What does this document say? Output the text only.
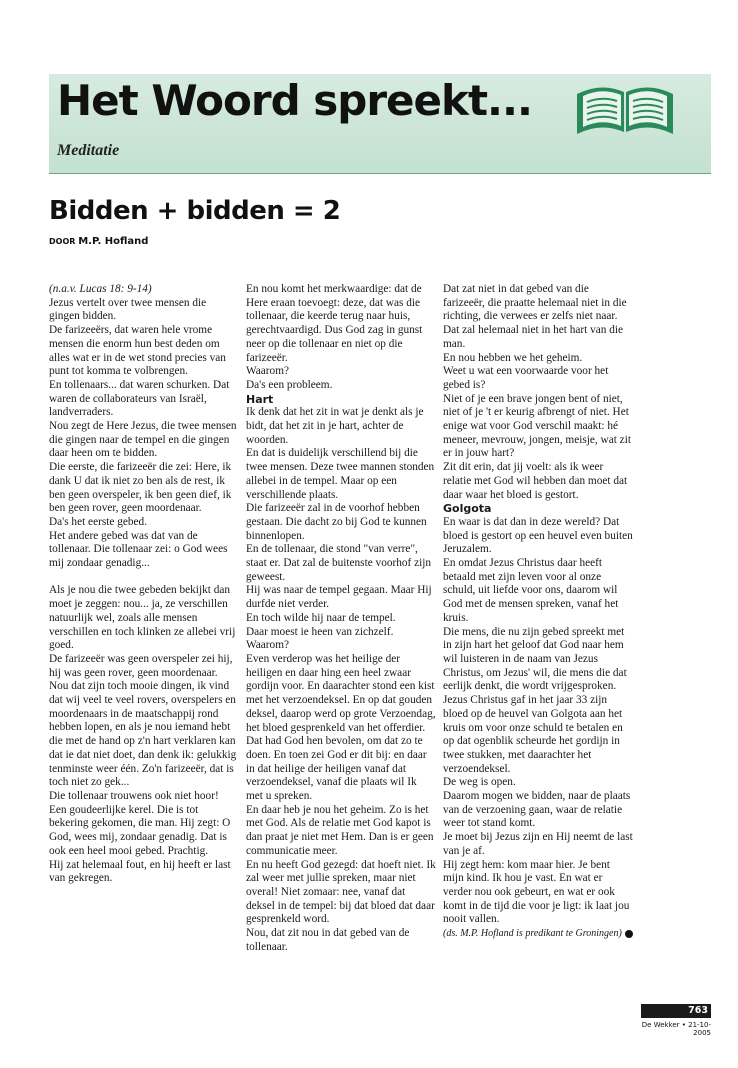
Het Woord spreekt...
Meditatie
Bidden + bidden = 2
DOOR M.P. Hofland

(n.a.v. Lucas 18: 9-14)

Jezus vertelt over twee mensen die gingen bidden.

De farizeeërs, dat waren hele vrome mensen die enorm hun best deden om alles wat er in de wet stond precies van punt tot komma te volbrengen.

En tollenaars... dat waren schurken. Dat waren de collaborateurs van Israël, landverraders.

Nou zegt de Here Jezus, die twee mensen die gingen naar de tempel en die gingen daar heen om te bidden.

Die eerste, die farizeeër die zei: Here, ik dank U dat ik niet zo ben als de rest, ik ben geen overspeler, ik ben geen dief, ik ben geen rover, geen moordenaar.

Da's het eerste gebed.

Het andere gebed was dat van de tollenaar. Die tollenaar zei: o God wees mij zondaar genadig...

Als je nou die twee gebeden bekijkt dan moet je zeggen: nou... ja, ze verschillen natuurlijk wel, zoals alle mensen verschillen en toch klinken ze allebei vrij goed.

De farizeeër was geen overspeler zei hij, hij was geen rover, geen moordenaar.

Nou dat zijn toch mooie dingen, ik vind dat wij veel te veel rovers, overspelers en moordenaars in de maatschappij rond hebben lopen, en als je nou iemand hebt die met de hand op z'n hart verklaren kan dat ie dat niet doet, dan denk ik: gelukkig tenminste weer één. Zo'n farizeeër, dat is toch niet zo gek...

Die tollenaar trouwens ook niet hoor! Een goudeerlijke kerel. Die is tot bekering gekomen, die man. Hij zegt: O God, wees mij, zondaar genadig. Dat is ook een heel mooi gebed. Prachtig.

Hij zat helemaal fout, en hij heeft er last van gekregen.

En nou komt het merkwaardige: dat de Here eraan toevoegt: deze, dat was die tollenaar, die keerde terug naar huis, gerechtvaardigd. Dus God zag in gunst neer op die tollenaar en niet op die farizeeër.

Waarom?

Da's een probleem.

Hart

Ik denk dat het zit in wat je denkt als je bidt, dat het zit in je hart, achter de woorden.

En dat is duidelijk verschillend bij die twee mensen. Deze twee mannen stonden allebei in de tempel. Maar op een verschillende plaats.

Die farizeeër zal in de voorhof hebben gestaan. Die dacht zo bij God te kunnen binnenlopen.

En de tollenaar, die stond "van verre", staat er. Dat zal de buitenste voorhof zijn geweest.

Hij was naar de tempel gegaan. Maar Hij durfde niet verder.

En toch wilde hij naar de tempel.

Daar moest ie heen van zichzelf.

Waarom?

Even verderop was het heilige der heiligen en daar hing een heel zwaar gordijn voor. En daarachter stond een kist met het verzoendeksel. En op dat gouden deksel, daarop werd op grote Verzoendag, het bloed gesprenkeld van het offerdier. Dat had God hen bevolen, om dat zo te doen. En toen zei God er dit bij: en daar in dat heilige der heiligen vanaf dat verzoendeksel, vanaf die plaats wil Ik met u spreken.

En daar heb je nou het geheim. Zo is het met God. Als de relatie met God kapot is dan praat je niet met Hem. Dan is er geen communicatie meer.

En nu heeft God gezegd: dat hoeft niet. Ik zal weer met jullie spreken, maar niet overal! Niet zomaar: nee, vanaf dat deksel in de tempel: bij dat bloed dat daar gesprenkeld word.

Nou, dat zit nou in dat gebed van de tollenaar.

Dat zat niet in dat gebed van die farizeeër, die praatte helemaal niet in die richting, die verwees er zelfs niet naar. Dat zal helemaal niet in het hart van die man.

En nou hebben we het geheim.

Weet u wat een voorwaarde voor het gebed is?

Niet of je een brave jongen bent of niet, niet of je 't er keurig afbrengt of niet. Het enige wat voor God verschil maakt: hé meneer, mevrouw, jongen, meisje, wat zit er in jouw hart?

Zit dit erin, dat jij voelt: als ik weer relatie met God wil hebben dan moet dat daar waar het bloed is gestort.

Golgota

En waar is dat dan in deze wereld? Dat bloed is gestort op een heuvel even buiten Jeruzalem.

En omdat Jezus Christus daar heeft betaald met zijn leven voor al onze schuld, uit liefde voor ons, daarom wil God met de mensen spreken, vanaf het kruis.

Die mens, die nu zijn gebed spreekt met in zijn hart het geloof dat God naar hem wil luisteren in de naam van Jezus Christus, om Jezus' wil, die mens die dat eerlijk denkt, die wordt vrijgesproken.

Jezus Christus gaf in het jaar 33 zijn bloed op de heuvel van Golgota aan het kruis om voor onze schuld te betalen en op dat ogenblik scheurde het gordijn in twee stukken, met daarachter het verzoendeksel.

De weg is open.

Daarom mogen we bidden, naar de plaats van de verzoening gaan, waar de relatie weer tot stand komt.

Je moet bij Jezus zijn en Hij neemt de last van je af.

Hij zegt hem: kom maar hier. Je bent mijn kind. Ik hou je vast. En wat er verder nou ook gebeurt, en wat er ook komt in de tijd die voor je ligt: ik laat jou nooit vallen.

(ds. M.P. Hofland is predikant te Groningen)

763
De Wekker • 21-10-2005
